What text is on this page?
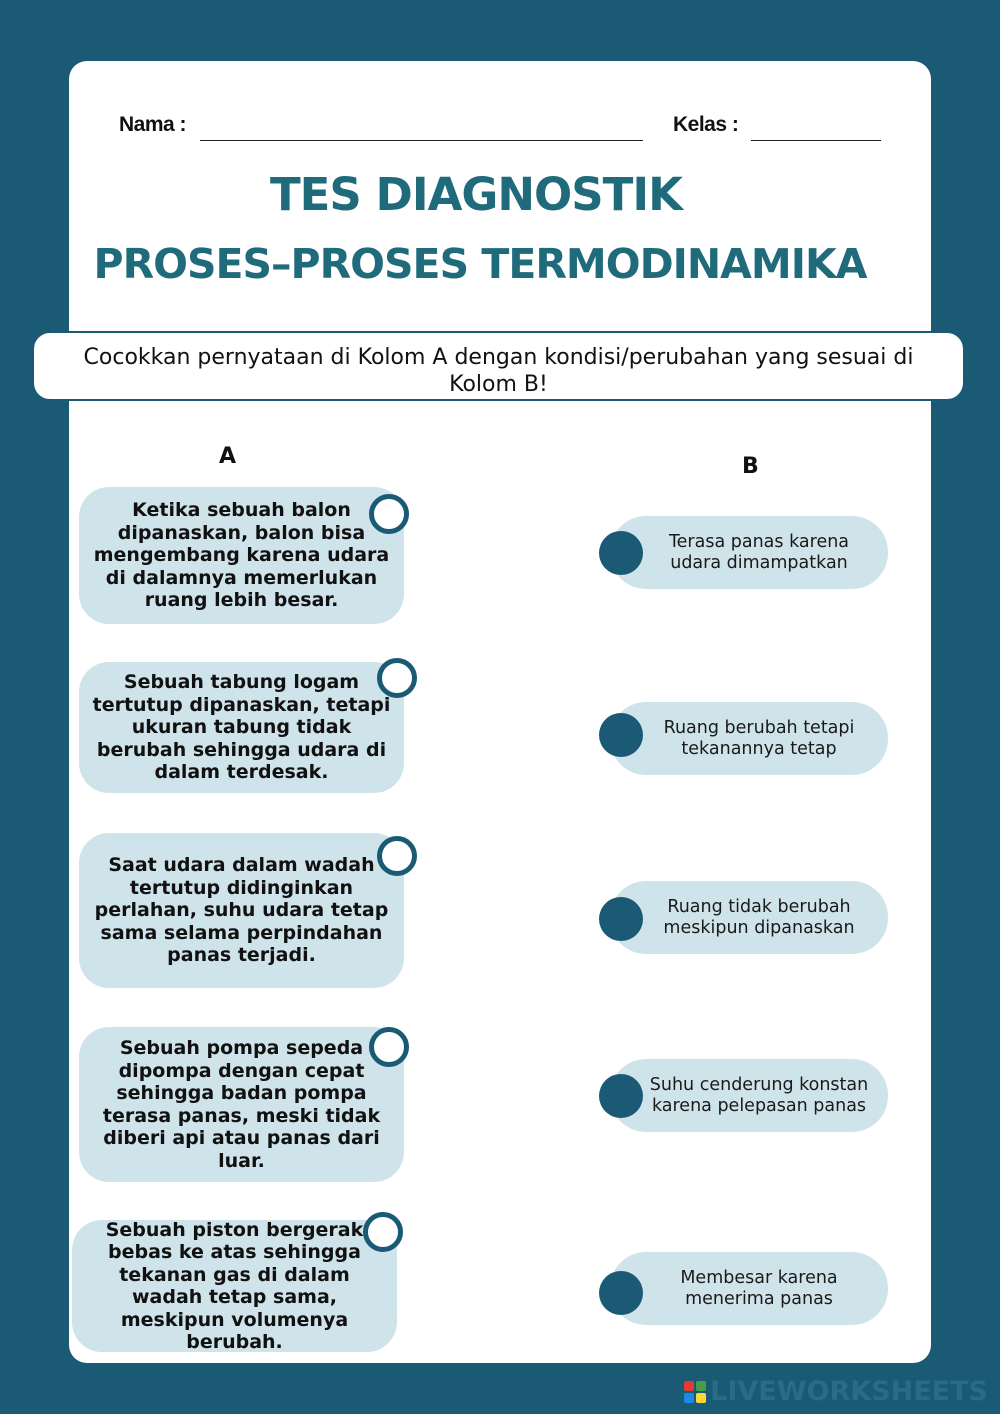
Nama :	Kelas :
TES DIAGNOSTIK
PROSES–PROSES TERMODINAMIKA
Cocokkan pernyataan di Kolom A dengan kondisi/perubahan yang sesuai di Kolom B!
A	B
Ketika sebuah balon dipanaskan, balon bisa mengembang karena udara di dalamnya memerlukan ruang lebih besar.
Sebuah tabung logam tertutup dipanaskan, tetapi ukuran tabung tidak berubah sehingga udara di dalam terdesak.
Saat udara dalam wadah tertutup didinginkan perlahan, suhu udara tetap sama selama perpindahan panas terjadi.
Sebuah pompa sepeda dipompa dengan cepat sehingga badan pompa terasa panas, meski tidak diberi api atau panas dari luar.
Sebuah piston bergerak bebas ke atas sehingga tekanan gas di dalam wadah tetap sama, meskipun volumenya berubah.
Terasa panas karena udara dimampatkan
Ruang berubah tetapi tekanannya tetap
Ruang tidak berubah meskipun dipanaskan
Suhu cenderung konstan karena pelepasan panas
Membesar karena menerima panas
LIVEWORKSHEETS
